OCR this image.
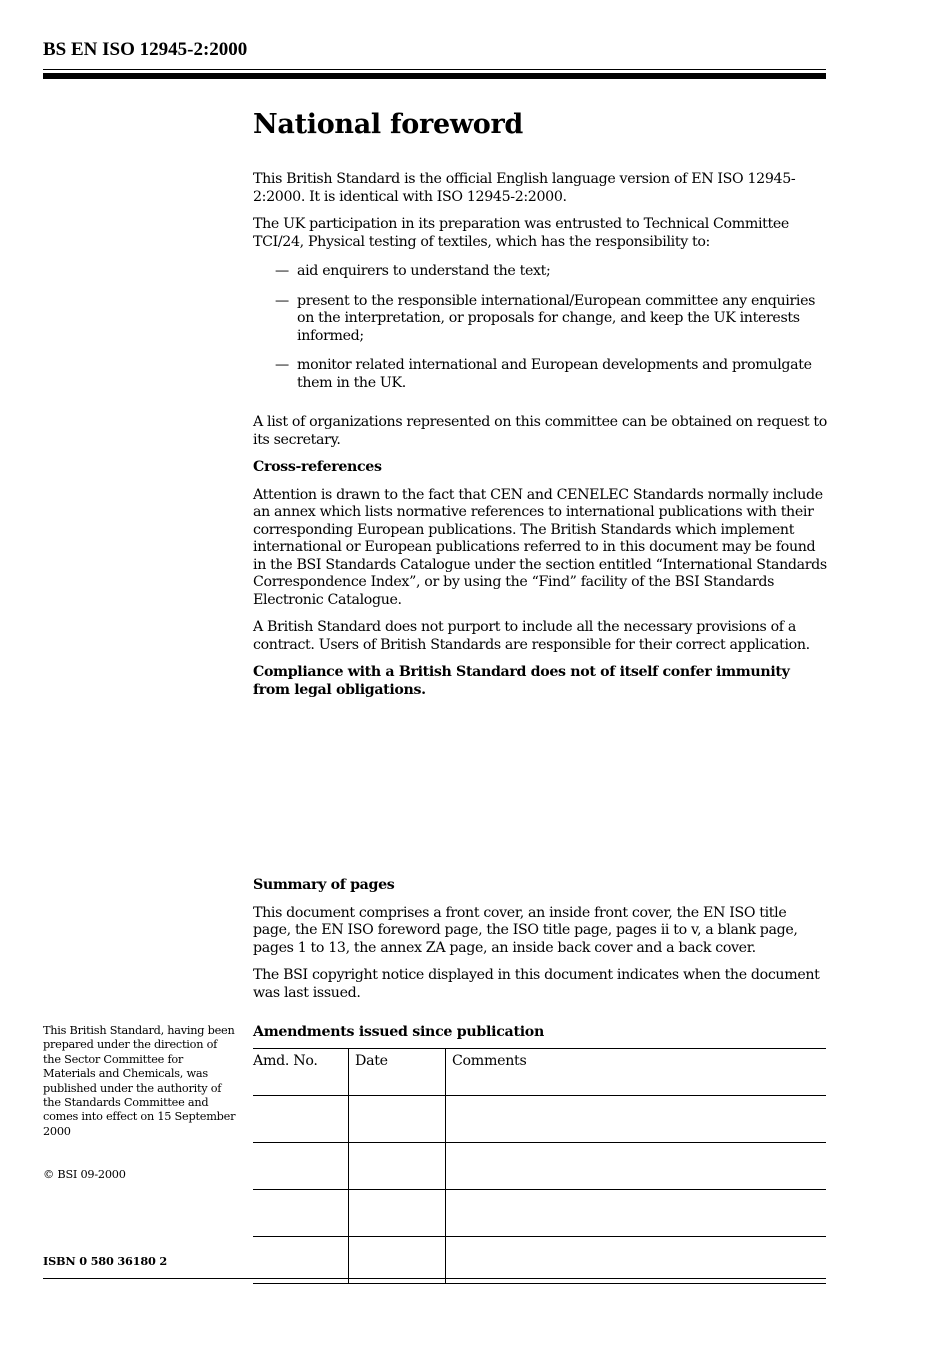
BS EN ISO 12945-2:2000
National foreword

This British Standard is the official English language version of EN ISO 12945-2:2000. It is identical with ISO 12945-2:2000.

The UK participation in its preparation was entrusted to Technical Committee TCI/24, Physical testing of textiles, which has the responsibility to:

— aid enquirers to understand the text;
— present to the responsible international/European committee any enquiries on the interpretation, or proposals for change, and keep the UK interests informed;
— monitor related international and European developments and promulgate them in the UK.

A list of organizations represented on this committee can be obtained on request to its secretary.

Cross-references

Attention is drawn to the fact that CEN and CENELEC Standards normally include an annex which lists normative references to international publications with their corresponding European publications. The British Standards which implement international or European publications referred to in this document may be found in the BSI Standards Catalogue under the section entitled “International Standards Correspondence Index”, or by using the “Find” facility of the BSI Standards Electronic Catalogue.

A British Standard does not purport to include all the necessary provisions of a contract. Users of British Standards are responsible for their correct application.

Compliance with a British Standard does not of itself confer immunity from legal obligations.

Summary of pages

This document comprises a front cover, an inside front cover, the EN ISO title page, the EN ISO foreword page, the ISO title page, pages ii to v, a blank page, pages 1 to 13, the annex ZA page, an inside back cover and a back cover.

The BSI copyright notice displayed in this document indicates when the document was last issued.

Amendments issued since publication
Amd. No.	Date	Comments

This British Standard, having been prepared under the direction of the Sector Committee for Materials and Chemicals, was published under the authority of the Standards Committee and comes into effect on 15 September 2000
© BSI 09-2000
ISBN 0 580 36180 2
